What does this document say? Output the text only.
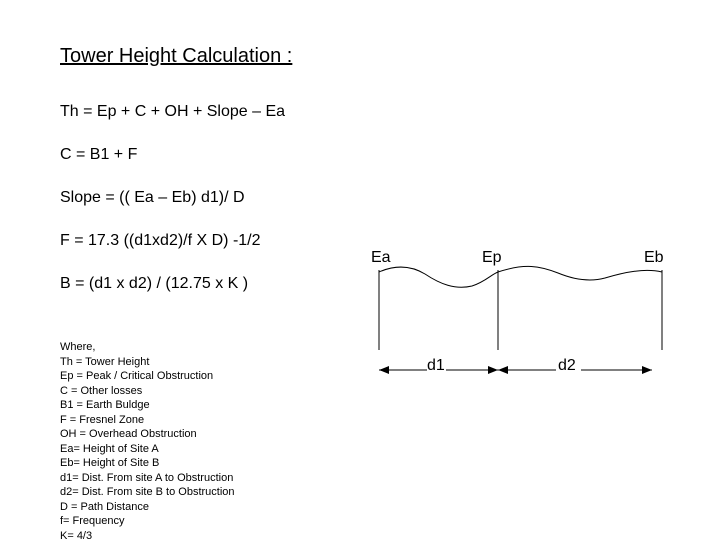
Tower Height Calculation :
Th = Ep + C + OH + Slope – Ea
C = B1 + F
Slope = (( Ea – Eb) d1)/ D
F = 17.3 ((d1xd2)/f X D) -1/2
B = (d1 x d2) / (12.75 x K )
Where,
Th = Tower Height
Ep = Peak / Critical Obstruction
C = Other losses
B1 = Earth Buldge
F = Fresnel Zone
OH = Overhead Obstruction
Ea= Height of Site A
Eb= Height of Site B
d1= Dist. From site A to Obstruction
d2= Dist. From site B to Obstruction
D = Path Distance
f= Frequency
K= 4/3
Ea	Ep	Eb
d1	d2
